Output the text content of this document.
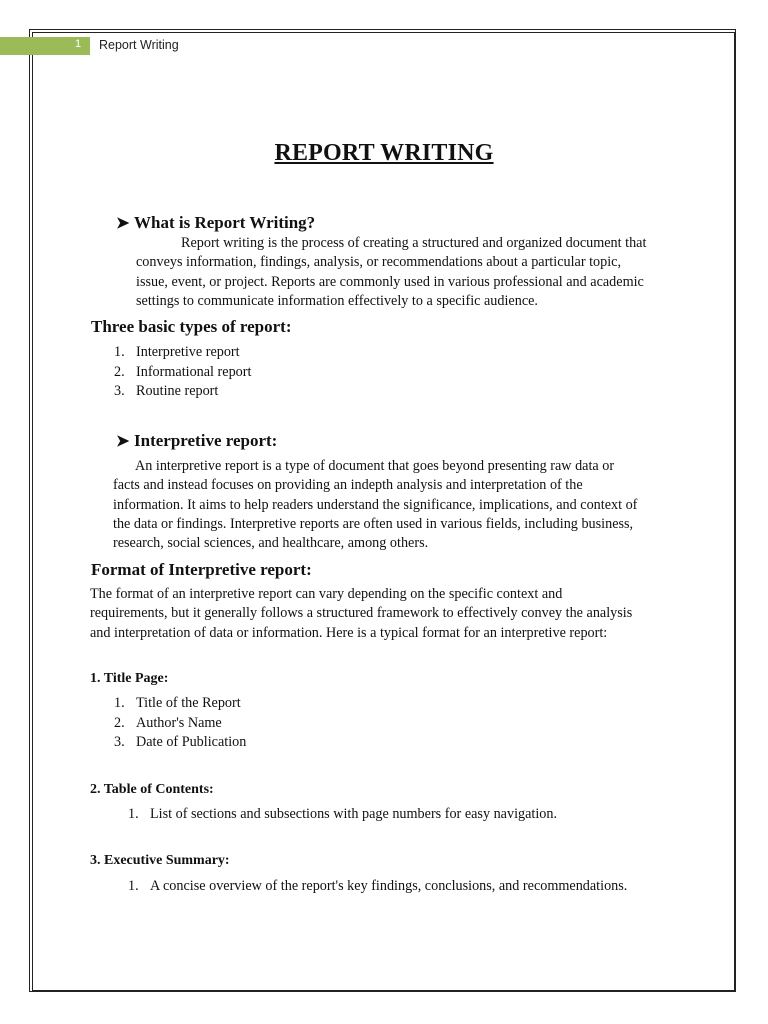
1	Report Writing
REPORT WRITING
➤ What is Report Writing?

Report writing is the process of creating a structured and organized document that

conveys information, findings, analysis, or recommendations about a particular topic,

issue, event, or project. Reports are commonly used in various professional and academic

settings to communicate information effectively to a specific audience.

Three basic types of report:
1. Interpretive report
2. Informational report
3. Routine report
➤ Interpretive report:

An interpretive report is a type of document that goes beyond presenting raw data or

facts and instead focuses on providing an indepth analysis and interpretation of the

information. It aims to help readers understand the significance, implications, and context of

the data or findings. Interpretive reports are often used in various fields, including business,

research, social sciences, and healthcare, among others.

Format of Interpretive report:

The format of an interpretive report can vary depending on the specific context and

requirements, but it generally follows a structured framework to effectively convey the analysis

and interpretation of data or information. Here is a typical format for an interpretive report:

1. Title Page:
1. Title of the Report
2. Author's Name
3. Date of Publication
2. Table of Contents:
1. List of sections and subsections with page numbers for easy navigation.
3. Executive Summary:
1. A concise overview of the report's key findings, conclusions, and recommendations.
